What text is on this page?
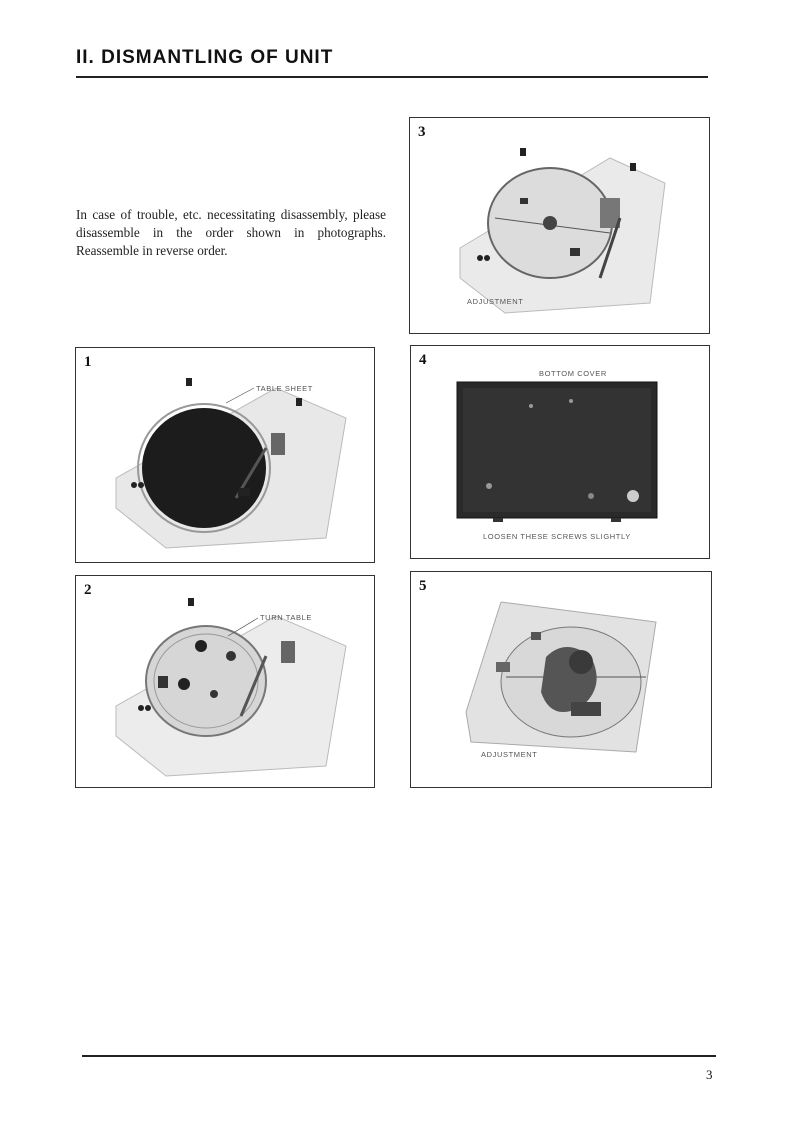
II. DISMANTLING OF UNIT

In case of trouble, etc. necessitating disassembly, please disassemble in the order shown in photographs. Reassemble in reverse order.

TABLE SHEET
1
TURN TABLE
2
ADJUSTMENT
3
BOTTOM COVER
LOOSEN THESE SCREWS SLIGHTLY
4
ADJUSTMENT
5
3
